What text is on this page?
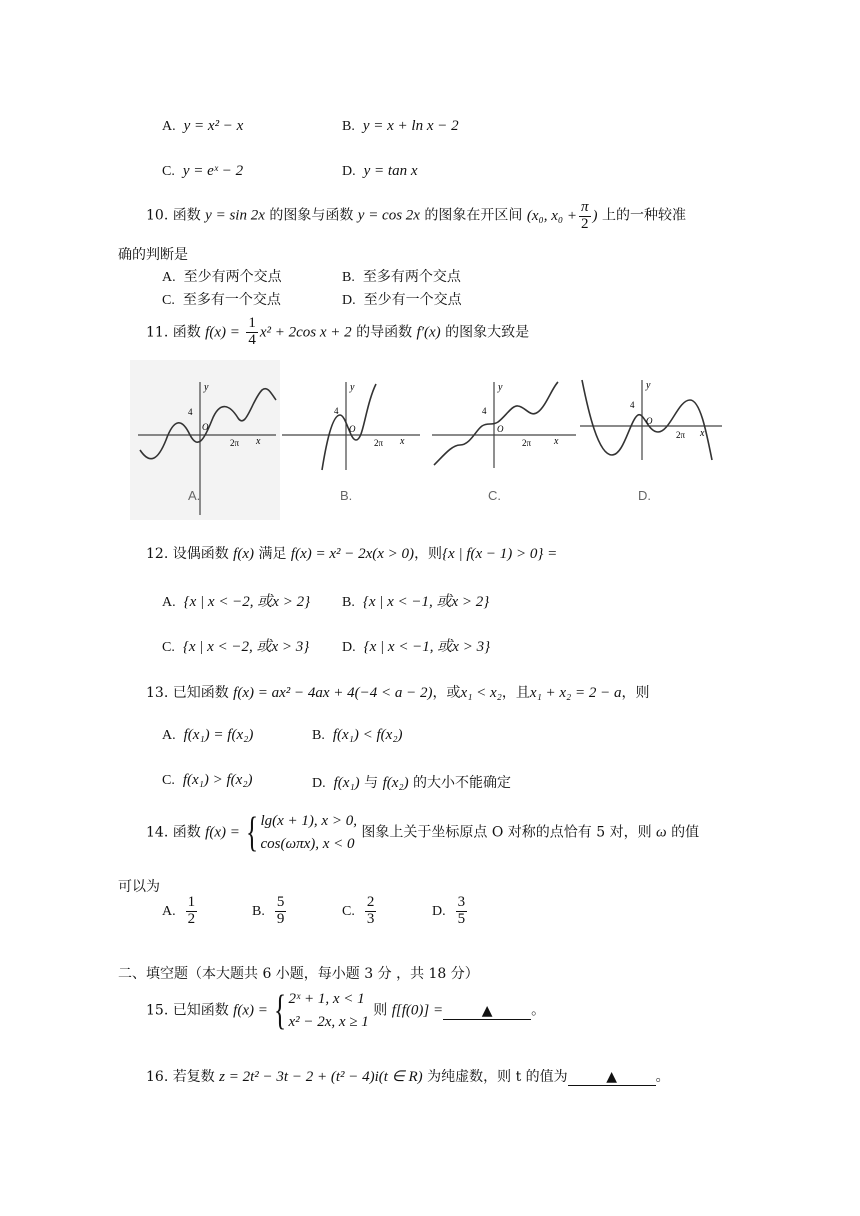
A. y = x² − x	B. y = x + ln x − 2
C. y = eˣ − 2	D. y = tan x
10. 函数 y = sin 2x 的图象与函数 y = cos 2x 的图象在开区间 (x₀, $x_0 + \frac{\pi}{2}$ ) 上的一种较准
确的判断是
A. 至少有两个交点	B. 至多有两个交点
C. 至多有一个交点	D. 至少有一个交点
11. 函数 $f(x) = \frac{1}{4} x^2 + 2\cos$ x + 2 的导函数 f′(x) 的图象大致是
y
4
O
2π x
A.
y
4
O
2π x
B.
y
4
O
2π x
C.
y
4
O
2π x
D.
12. 设偶函数 f(x) 满足 f(x) = x² − 2x(x > 0)，则{x | f(x − 1) > 0} =
A. {x | x < −2, 或x > 2} B. {x | x < −1, 或x > 2}
C. {x | x < −2, 或x > 3} D. {x | x < −1, 或x > 3}
13. 已知函数 f(x) = ax² − 4ax + 4(−4 < a − 2)，或x₁ < x₂，且x₁ + x₂ = 2 − a，则
A. f(x₁) = f(x₂)	B. f(x₁) < f(x₂)
C. f(x₁) > f(x₂)	D. f(x₁) 与 f(x₂) 的大小不能确定
14. 函数 f(x) = { lg(x + 1), x > 0,
cos(ωπx), x < 0
图象上关于坐标原点 O 对称的点恰有 5 对，则 ω 的值
可以为
A. $\frac{1}{2}$	B. $\frac{5}{9}$	C. $\frac{2}{3}$	D. $\frac{3}{5}$
二、填空题（本大题共 6 小题，每小题 3 分 ，共 18 分）
15. 已知函数 f(x) = { 2ˣ + 1, x < 1
x² − 2x, x ≥ 1
则 f[f(0)] =	▲	。
16. 若复数 z = 2t² − 3t − 2 + (t² − 4)i(t ∈ R) 为纯虚数，则 t 的值为	▲	。
